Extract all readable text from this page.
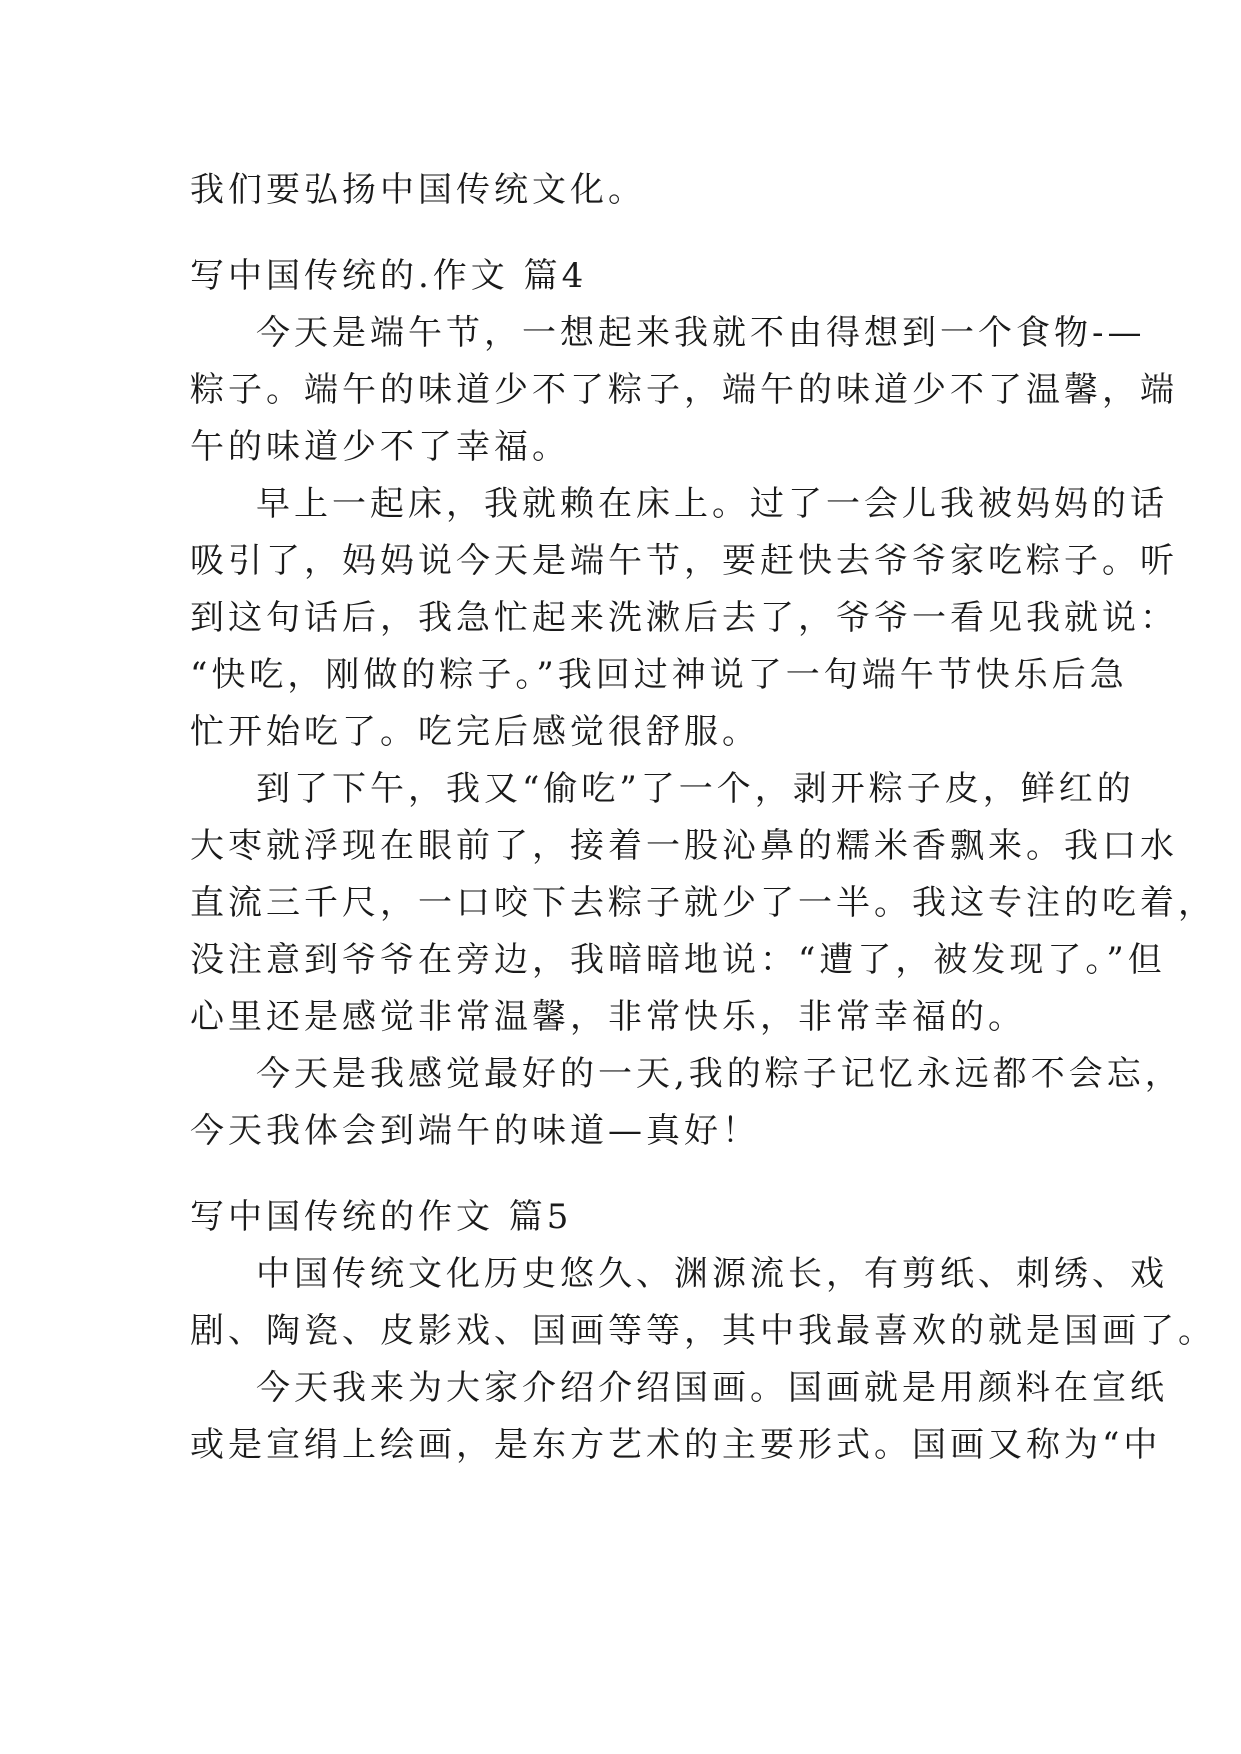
我们要弘扬中国传统文化。
写中国传统的.作文 篇4
今天是端午节，一想起来我就不由得想到一个食物-—
粽子。端午的味道少不了粽子，端午的味道少不了温馨，端
午的味道少不了幸福。
早上一起床，我就赖在床上。过了一会儿我被妈妈的话
吸引了，妈妈说今天是端午节，要赶快去爷爷家吃粽子。听
到这句话后，我急忙起来洗漱后去了，爷爷一看见我就说：
“快吃，刚做的粽子。”我回过神说了一句端午节快乐后急
忙开始吃了。吃完后感觉很舒服。
到了下午，我又“偷吃”了一个，剥开粽子皮，鲜红的
大枣就浮现在眼前了，接着一股沁鼻的糯米香飘来。我口水
直流三千尺，一口咬下去粽子就少了一半。我这专注的吃着，
没注意到爷爷在旁边，我暗暗地说：“遭了，被发现了。”但
心里还是感觉非常温馨，非常快乐，非常幸福的。
今天是我感觉最好的一天,我的粽子记忆永远都不会忘，
今天我体会到端午的味道—真好！
写中国传统的作文 篇5
中国传统文化历史悠久、渊源流长，有剪纸、刺绣、戏
剧、陶瓷、皮影戏、国画等等，其中我最喜欢的就是国画了。
今天我来为大家介绍介绍国画。国画就是用颜料在宣纸
或是宣绢上绘画，是东方艺术的主要形式。国画又称为“中
